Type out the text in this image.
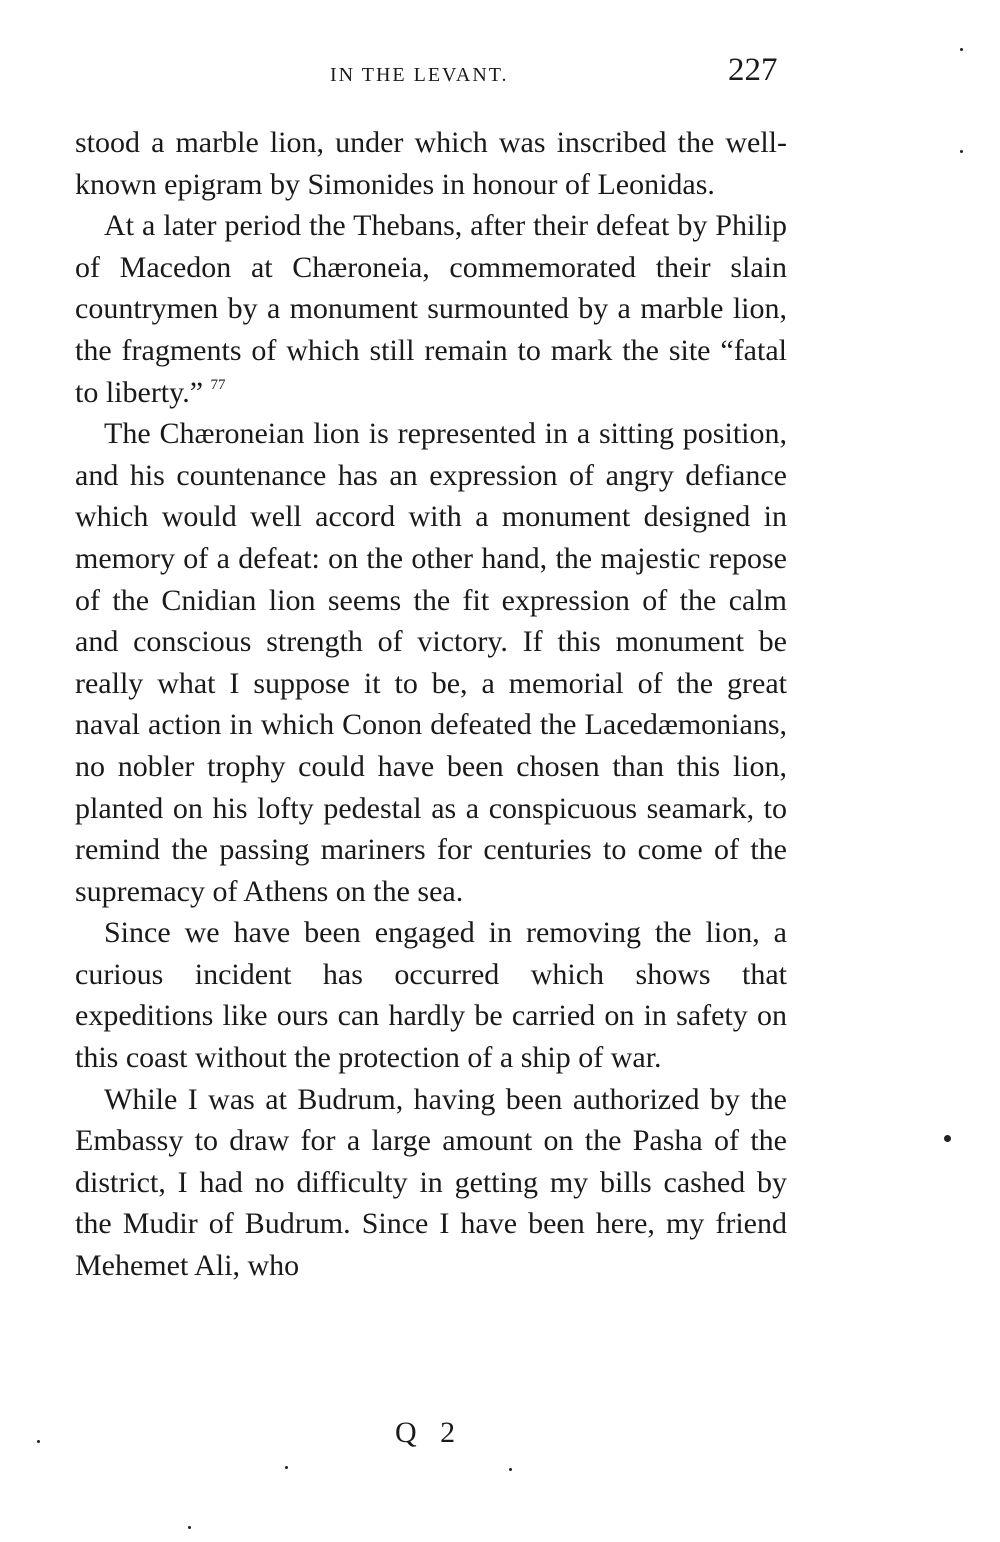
IN THE LEVANT.	227

stood a marble lion, under which was inscribed the well-known epigram by Simonides in honour of Leonidas.

At a later period the Thebans, after their defeat by Philip of Macedon at Chæroneia, commemorated their slain countrymen by a monument surmounted by a marble lion, the fragments of which still remain to mark the site “fatal to liberty.” $^{77}$

The Chæroneian lion is represented in a sitting position, and his countenance has an expression of angry defiance which would well accord with a monument designed in memory of a defeat: on the other hand, the majestic repose of the Cnidian lion seems the fit expression of the calm and conscious strength of victory. If this monument be really what I suppose it to be, a memorial of the great naval action in which Conon defeated the Lacedæmonians, no nobler trophy could have been chosen than this lion, planted on his lofty pedestal as a conspicuous seamark, to remind the passing mariners for centuries to come of the supremacy of Athens on the sea.

Since we have been engaged in removing the lion, a curious incident has occurred which shows that expeditions like ours can hardly be carried on in safety on this coast without the protection of a ship of war.

While I was at Budrum, having been authorized by the Embassy to draw for a large amount on the Pasha of the district, I had no difficulty in getting my bills cashed by the Mudir of Budrum. Since I have been here, my friend Mehemet Ali, who

Q 2
